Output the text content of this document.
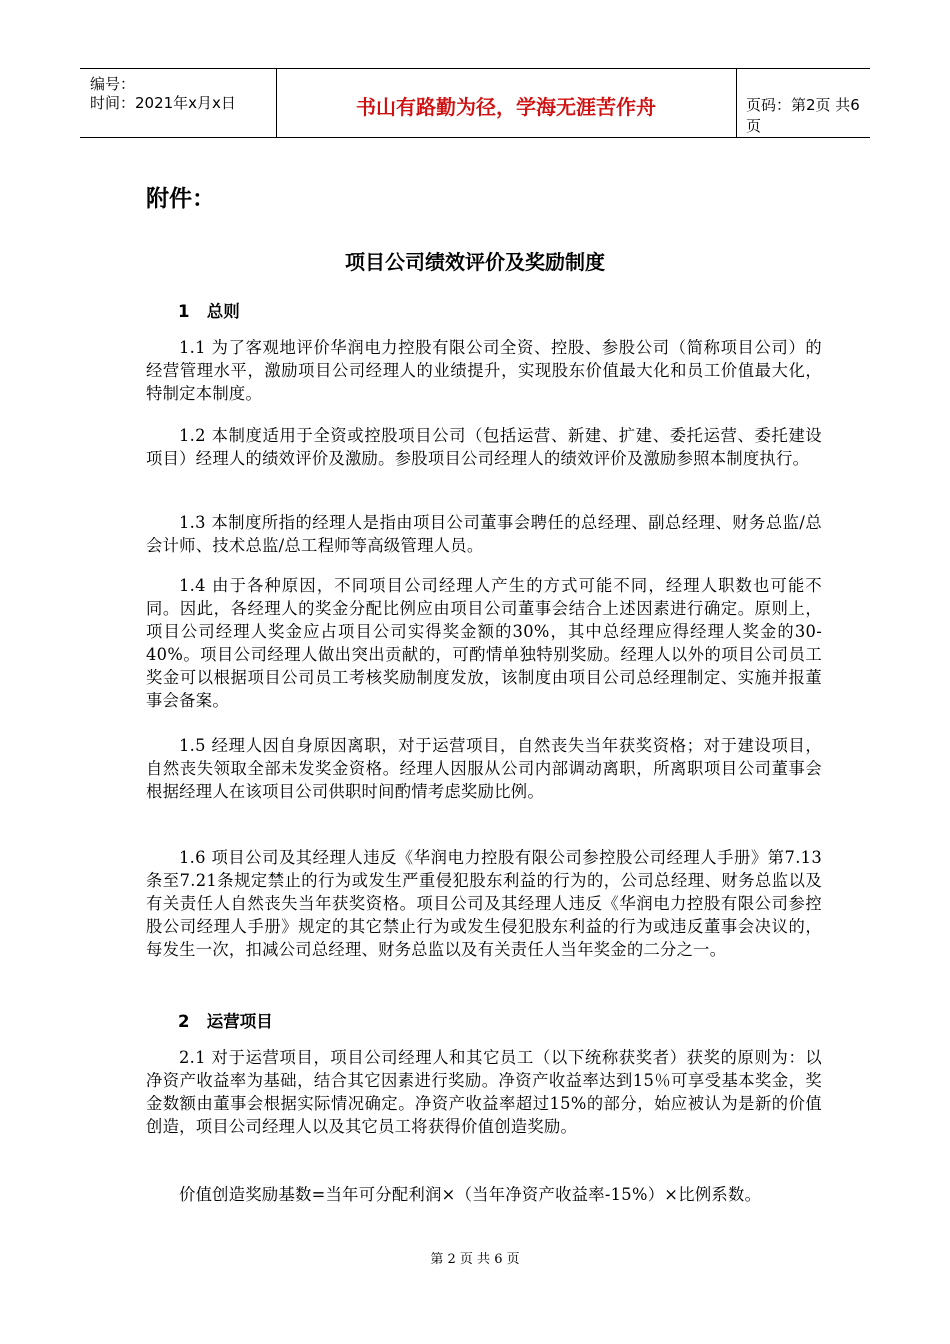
编号：
时间：2021年x月x日	书山有路勤为径，学海无涯苦作舟	页码：第2页 共6页
附件：
项目公司绩效评价及奖励制度
1   总则
1.1 为了客观地评价华润电力控股有限公司全资、控股、参股公司（简称项目公司）的经营管理水平，激励项目公司经理人的业绩提升，实现股东价值最大化和员工价值最大化，特制定本制度。
1.2 本制度适用于全资或控股项目公司（包括运营、新建、扩建、委托运营、委托建设项目）经理人的绩效评价及激励。参股项目公司经理人的绩效评价及激励参照本制度执行。
1.3 本制度所指的经理人是指由项目公司董事会聘任的总经理、副总经理、财务总监/总会计师、技术总监/总工程师等高级管理人员。
1.4 由于各种原因，不同项目公司经理人产生的方式可能不同，经理人职数也可能不同。因此，各经理人的奖金分配比例应由项目公司董事会结合上述因素进行确定。原则上，项目公司经理人奖金应占项目公司实得奖金额的30%，其中总经理应得经理人奖金的30-40%。项目公司经理人做出突出贡献的，可酌情单独特别奖励。经理人以外的项目公司员工奖金可以根据项目公司员工考核奖励制度发放，该制度由项目公司总经理制定、实施并报董事会备案。
1.5 经理人因自身原因离职，对于运营项目，自然丧失当年获奖资格；对于建设项目，自然丧失领取全部未发奖金资格。经理人因服从公司内部调动离职，所离职项目公司董事会根据经理人在该项目公司供职时间酌情考虑奖励比例。
1.6 项目公司及其经理人违反《华润电力控股有限公司参控股公司经理人手册》第7.13条至7.21条规定禁止的行为或发生严重侵犯股东利益的行为的，公司总经理、财务总监以及有关责任人自然丧失当年获奖资格。项目公司及其经理人违反《华润电力控股有限公司参控股公司经理人手册》规定的其它禁止行为或发生侵犯股东利益的行为或违反董事会决议的，每发生一次，扣减公司总经理、财务总监以及有关责任人当年奖金的二分之一。
2   运营项目
2.1 对于运营项目，项目公司经理人和其它员工（以下统称获奖者）获奖的原则为：以净资产收益率为基础，结合其它因素进行奖励。净资产收益率达到15％可享受基本奖金，奖金数额由董事会根据实际情况确定。净资产收益率超过15%的部分，始应被认为是新的价值创造，项目公司经理人以及其它员工将获得价值创造奖励。
价值创造奖励基数=当年可分配利润×（当年净资产收益率-15%）×比例系数。
第 2 页 共 6 页
